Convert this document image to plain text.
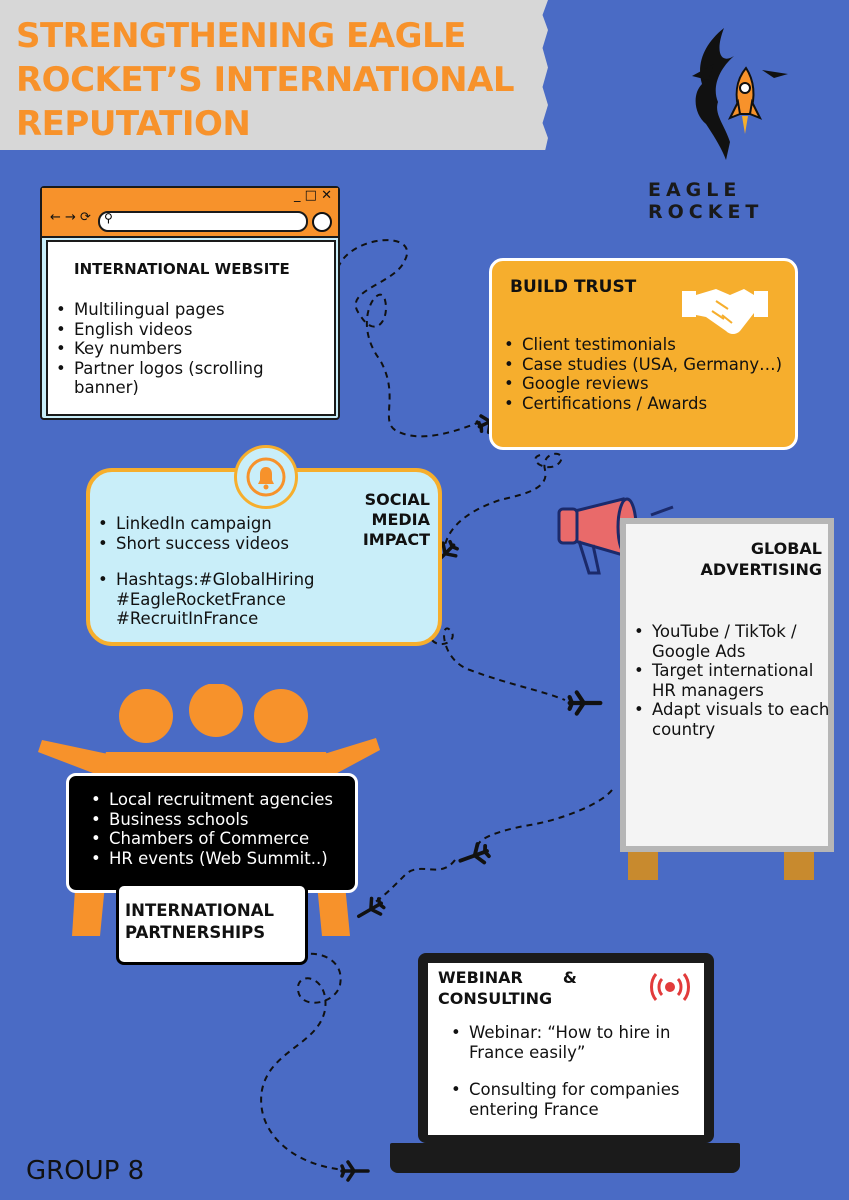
STRENGTHENING EAGLE
ROCKET’S INTERNATIONAL
REPUTATION
EAGLE ROCKET
_ □ ✕
← → ⟳ ⚲
INTERNATIONAL WEBSITE
• Multilingual pages
• English videos
• Key numbers
• Partner logos (scrolling banner)
BUILD TRUST
• Client testimonials
• Case studies (USA, Germany…)
• Google reviews
• Certifications / Awards
SOCIAL
MEDIA
IMPACT
• LinkedIn campaign
• Short success videos
• Hashtags:#GlobalHiring
#EagleRocketFrance
#RecruitInFrance
GLOBAL
ADVERTISING
• YouTube / TikTok / Google Ads
• Target international HR managers
• Adapt visuals to each country
• Local recruitment agencies
• Business schools
• Chambers of Commerce
• HR events (Web Summit..)
INTERNATIONAL
PARTNERSHIPS
WEBINAR	&
CONSULTING
• Webinar: “How to hire in France easily”
• Consulting for companies entering France
GROUP 8
